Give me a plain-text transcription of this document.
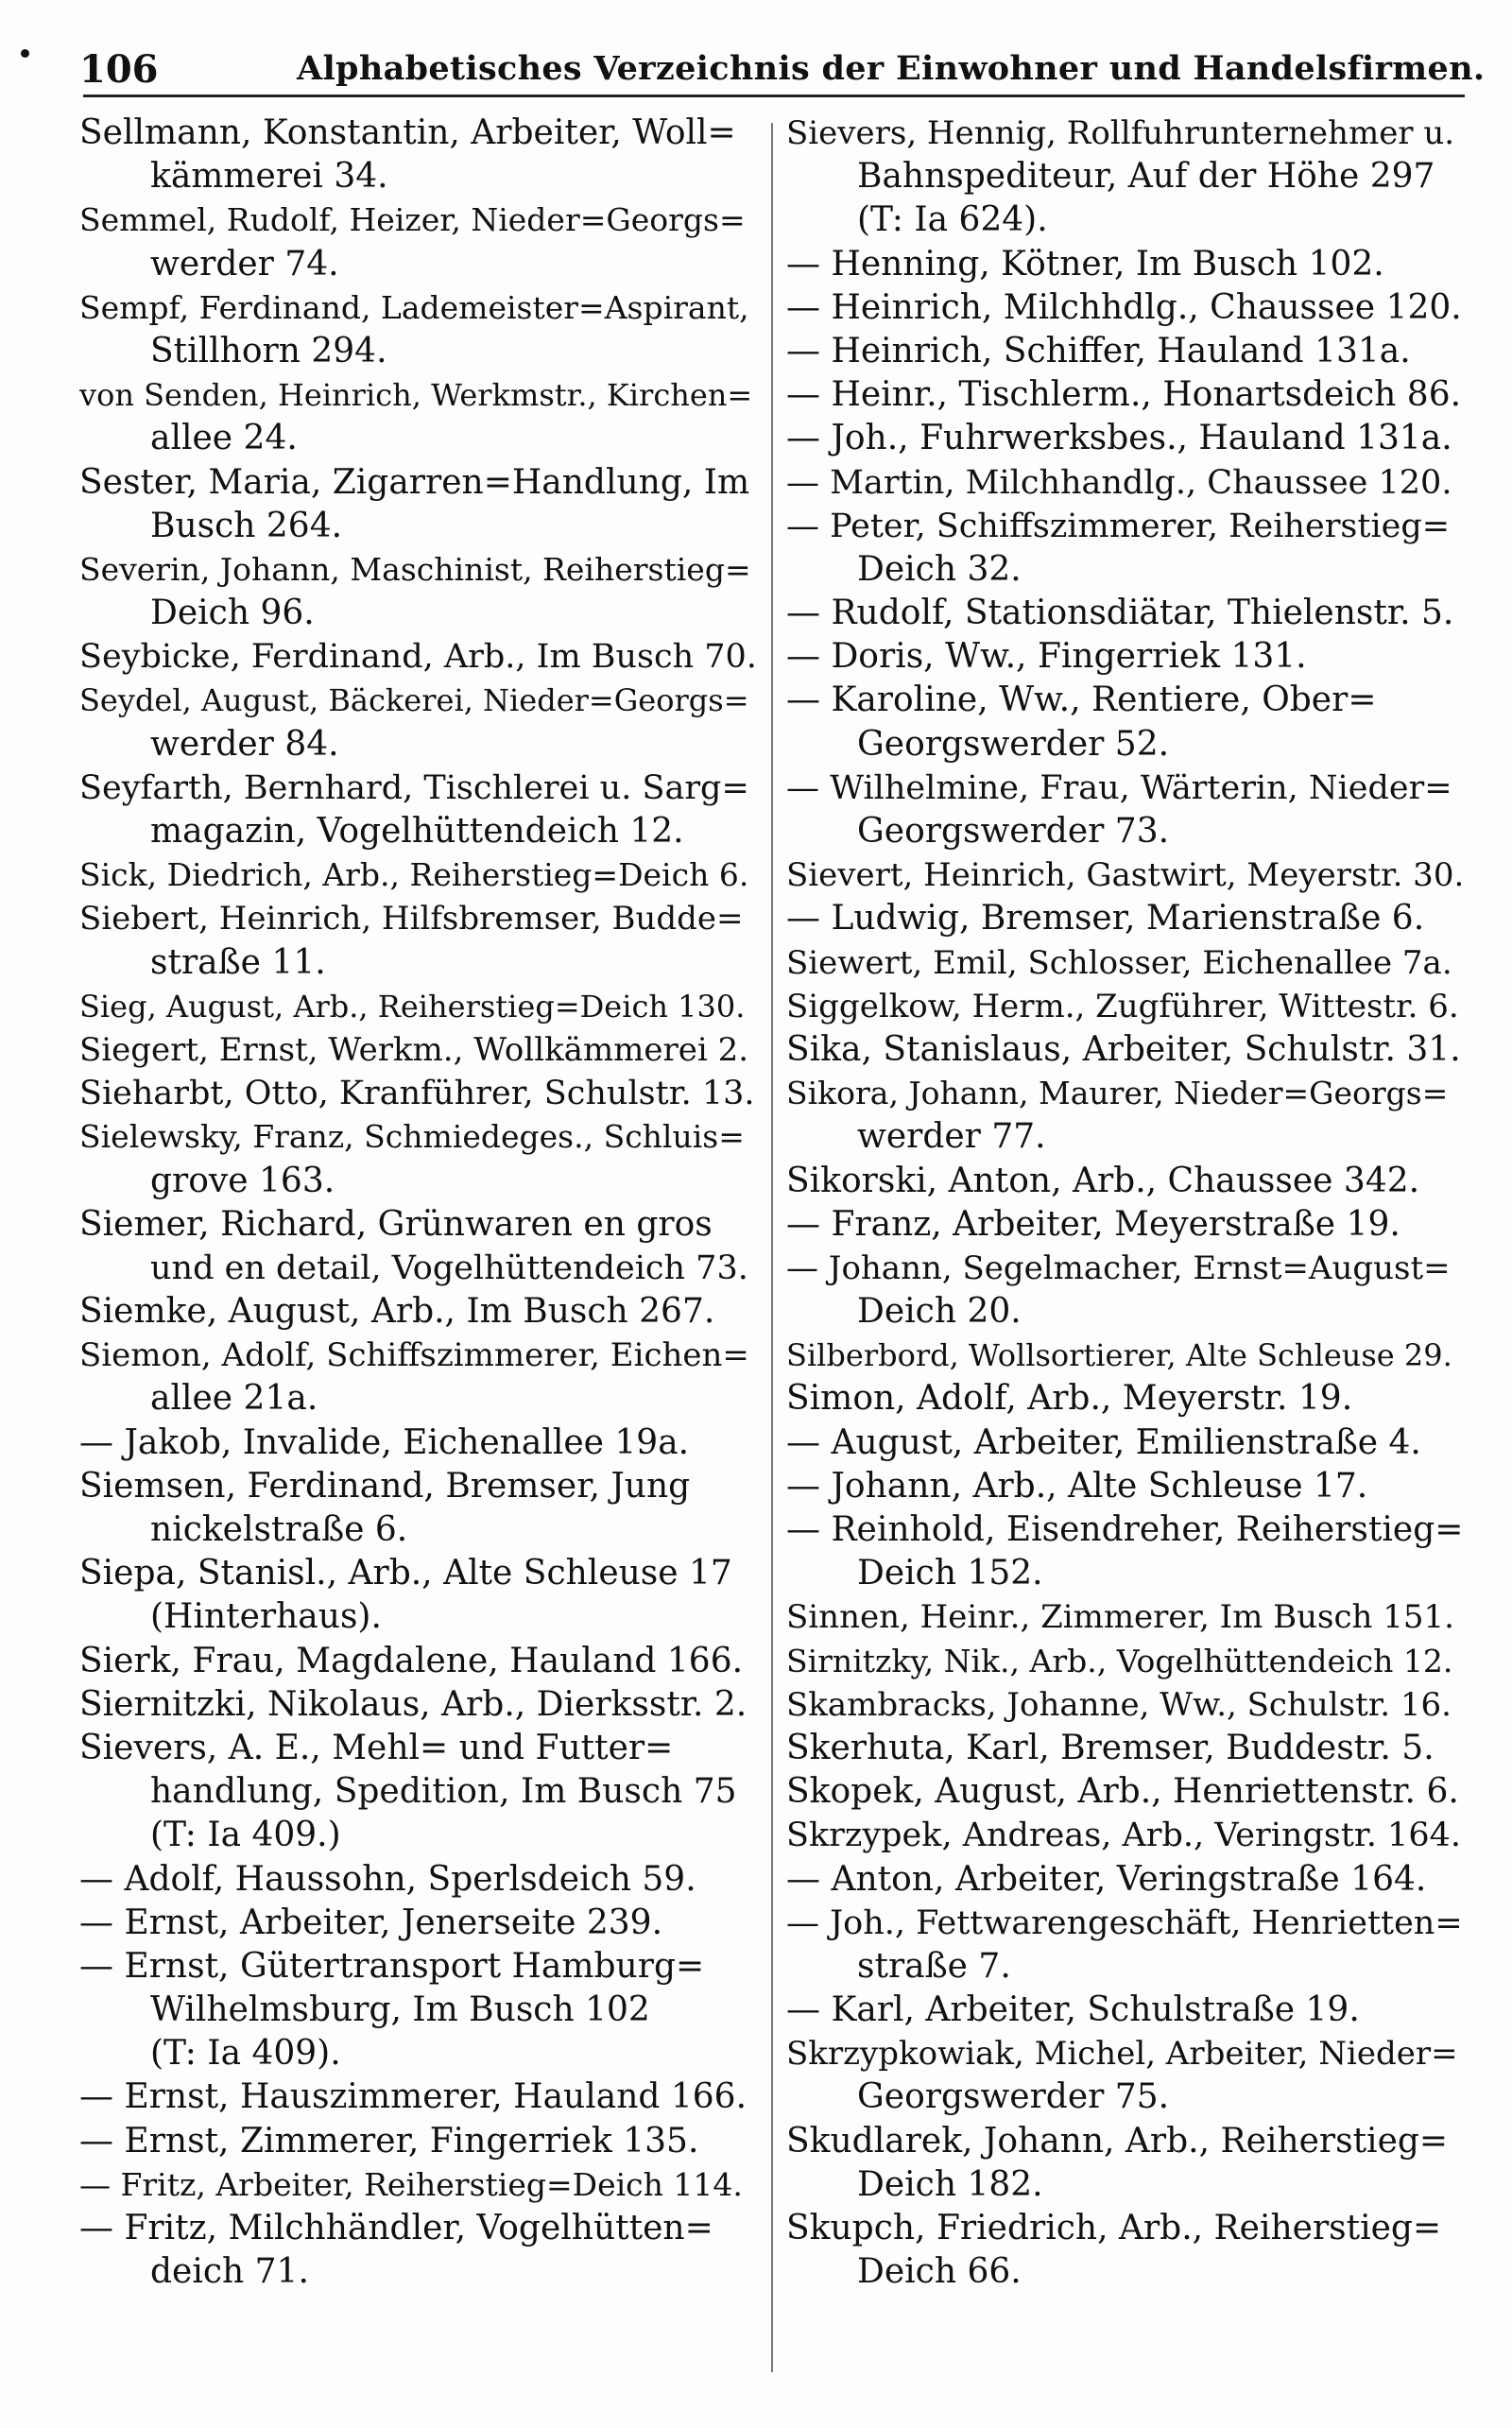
106	Alphabetisches Verzeichnis der Einwohner und Handelsfirmen.
Sellmann, Konstantin, Arbeiter, Woll=
kämmerei 34.
Semmel, Rudolf, Heizer, Nieder=Georgs=
werder 74.
Sempf, Ferdinand, Lademeister=Aspirant,
Stillhorn 294.
von Senden, Heinrich, Werkmstr., Kirchen=
allee 24.
Sester, Maria, Zigarren=Handlung, Im
Busch 264.
Severin, Johann, Maschinist, Reiherstieg=
Deich 96.
Seybicke, Ferdinand, Arb., Im Busch 70.
Seydel, August, Bäckerei, Nieder=Georgs=
werder 84.
Seyfarth, Bernhard, Tischlerei u. Sarg=
magazin, Vogelhüttendeich 12.
Sick, Diedrich, Arb., Reiherstieg=Deich 6.
Siebert, Heinrich, Hilfsbremser, Budde=
straße 11.
Sieg, August, Arb., Reiherstieg=Deich 130.
Siegert, Ernst, Werkm., Wollkämmerei 2.
Sieharbt, Otto, Kranführer, Schulstr. 13.
Sielewsky, Franz, Schmiedeges., Schluis=
grove 163.
Siemer, Richard, Grünwaren en gros
und en detail, Vogelhüttendeich 73.
Siemke, August, Arb., Im Busch 267.
Siemon, Adolf, Schiffszimmerer, Eichen=
allee 21a.
— Jakob, Invalide, Eichenallee 19a.
Siemsen, Ferdinand, Bremser, Jung
nickelstraße 6.
Siepa, Stanisl., Arb., Alte Schleuse 17
(Hinterhaus).
Sierk, Frau, Magdalene, Hauland 166.
Siernitzki, Nikolaus, Arb., Dierksstr. 2.
Sievers, A. E., Mehl= und Futter=
handlung, Spedition, Im Busch 75
(T: Ia 409.)
— Adolf, Haussohn, Sperlsdeich 59.
— Ernst, Arbeiter, Jenerseite 239.
— Ernst, Gütertransport Hamburg=
Wilhelmsburg, Im Busch 102
(T: Ia 409).
— Ernst, Hauszimmerer, Hauland 166.
— Ernst, Zimmerer, Fingerriek 135.
— Fritz, Arbeiter, Reiherstieg=Deich 114.
— Fritz, Milchhändler, Vogelhütten=
deich 71.
Sievers, Hennig, Rollfuhrunternehmer u.
Bahnspediteur, Auf der Höhe 297
(T: Ia 624).
— Henning, Kötner, Im Busch 102.
— Heinrich, Milchhdlg., Chaussee 120.
— Heinrich, Schiffer, Hauland 131a.
— Heinr., Tischlerm., Honartsdeich 86.
— Joh., Fuhrwerksbes., Hauland 131a.
— Martin, Milchhandlg., Chaussee 120.
— Peter, Schiffszimmerer, Reiherstieg=
Deich 32.
— Rudolf, Stationsdiätar, Thielenstr. 5.
— Doris, Ww., Fingerriek 131.
— Karoline, Ww., Rentiere, Ober=
Georgswerder 52.
— Wilhelmine, Frau, Wärterin, Nieder=
Georgswerder 73.
Sievert, Heinrich, Gastwirt, Meyerstr. 30.
— Ludwig, Bremser, Marienstraße 6.
Siewert, Emil, Schlosser, Eichenallee 7a.
Siggelkow, Herm., Zugführer, Wittestr. 6.
Sika, Stanislaus, Arbeiter, Schulstr. 31.
Sikora, Johann, Maurer, Nieder=Georgs=
werder 77.
Sikorski, Anton, Arb., Chaussee 342.
— Franz, Arbeiter, Meyerstraße 19.
— Johann, Segelmacher, Ernst=August=
Deich 20.
Silberbord, Wollsortierer, Alte Schleuse 29.
Simon, Adolf, Arb., Meyerstr. 19.
— August, Arbeiter, Emilienstraße 4.
— Johann, Arb., Alte Schleuse 17.
— Reinhold, Eisendreher, Reiherstieg=
Deich 152.
Sinnen, Heinr., Zimmerer, Im Busch 151.
Sirnitzky, Nik., Arb., Vogelhüttendeich 12.
Skambracks, Johanne, Ww., Schulstr. 16.
Skerhuta, Karl, Bremser, Buddestr. 5.
Skopek, August, Arb., Henriettenstr. 6.
Skrzypek, Andreas, Arb., Veringstr. 164.
— Anton, Arbeiter, Veringstraße 164.
— Joh., Fettwarengeschäft, Henrietten=
straße 7.
— Karl, Arbeiter, Schulstraße 19.
Skrzypkowiak, Michel, Arbeiter, Nieder=
Georgswerder 75.
Skudlarek, Johann, Arb., Reiherstieg=
Deich 182.
Skupch, Friedrich, Arb., Reiherstieg=
Deich 66.
